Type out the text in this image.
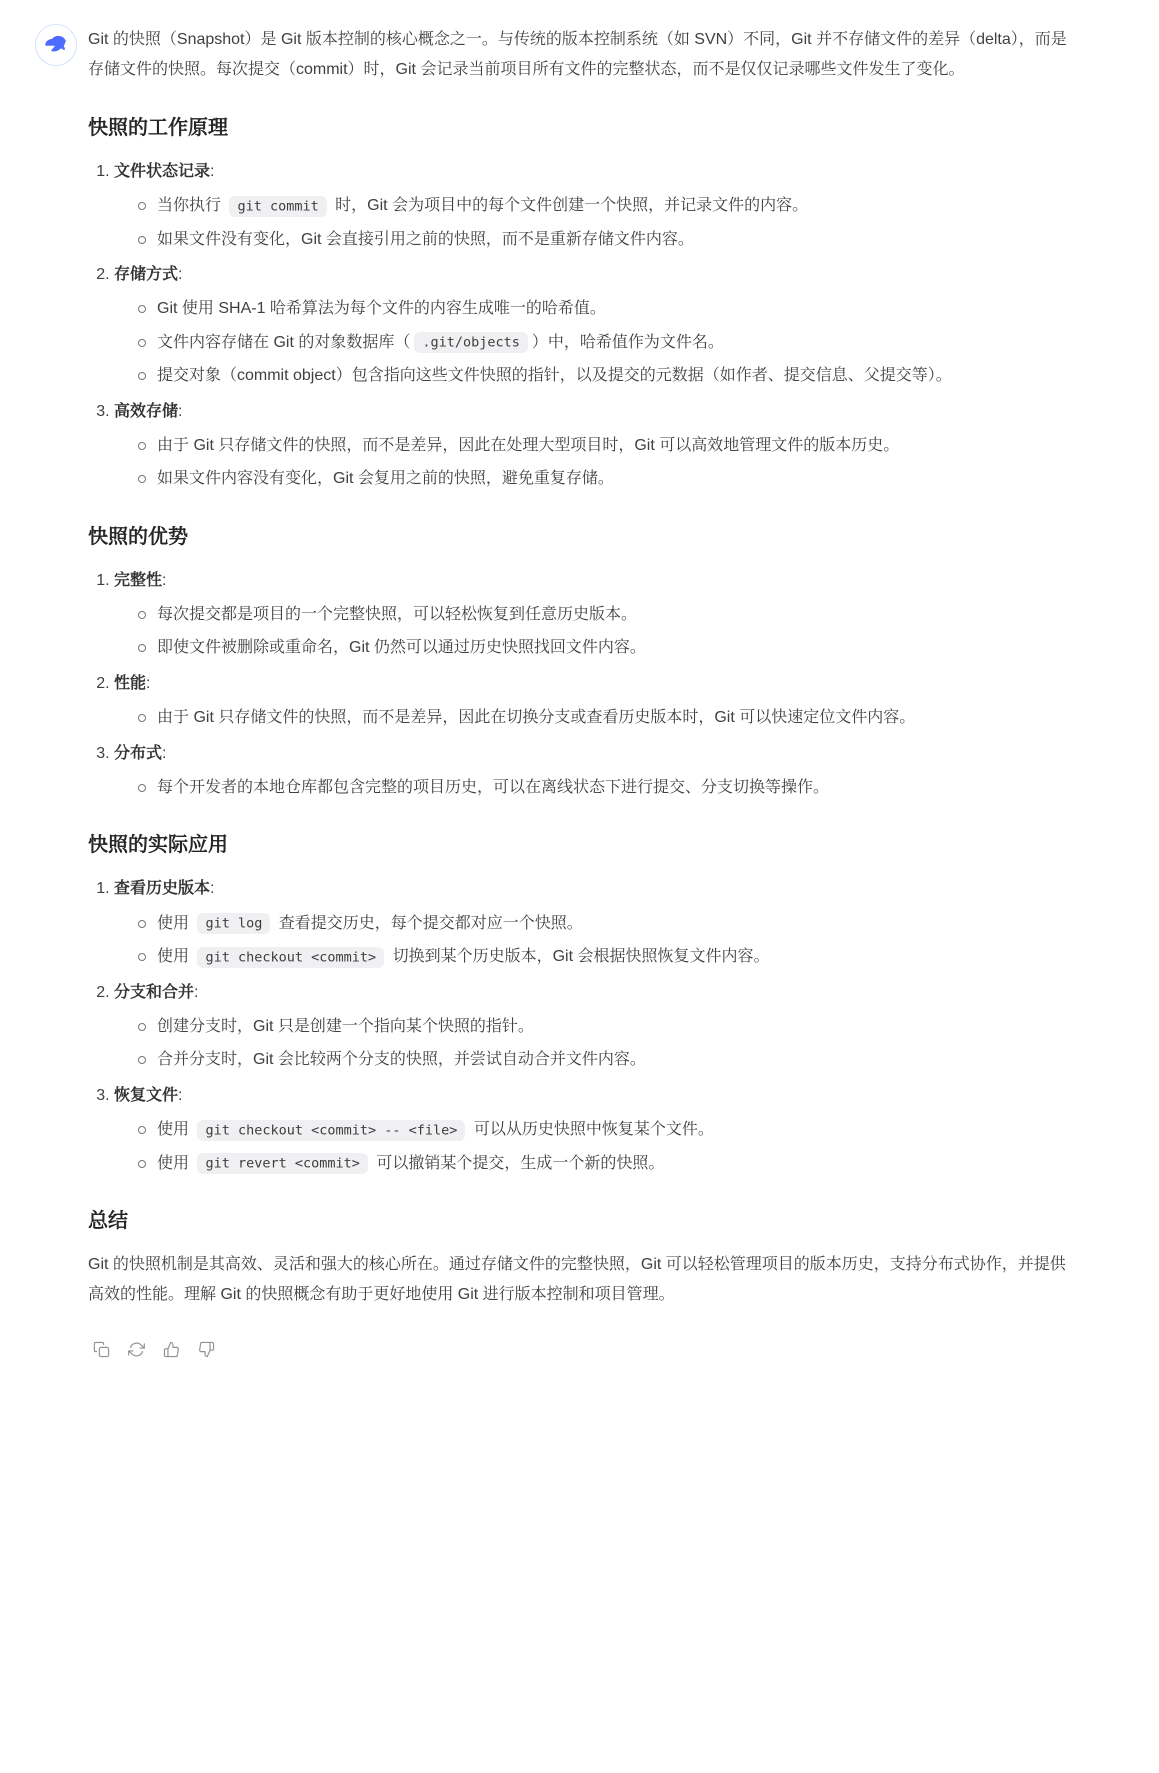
Git 的快照（Snapshot）是 Git 版本控制的核心概念之一。与传统的版本控制系统（如 SVN）不同，Git 并不存储文件的差异（delta），而是存储文件的快照。每次提交（commit）时，Git 会记录当前项目所有文件的完整状态，而不是仅仅记录哪些文件发生了变化。

快照的工作原理
1. 文件状态记录:
当你执行 git commit 时，Git 会为项目中的每个文件创建一个快照，并记录文件的内容。
如果文件没有变化，Git 会直接引用之前的快照，而不是重新存储文件内容。
2. 存储方式:
Git 使用 SHA-1 哈希算法为每个文件的内容生成唯一的哈希值。
文件内容存储在 Git 的对象数据库（ .git/objects ）中，哈希值作为文件名。
提交对象（commit object）包含指向这些文件快照的指针，以及提交的元数据（如作者、提交信息、父提交等）。
3. 高效存储:
由于 Git 只存储文件的快照，而不是差异，因此在处理大型项目时，Git 可以高效地管理文件的版本历史。
如果文件内容没有变化，Git 会复用之前的快照，避免重复存储。
快照的优势
1. 完整性:
每次提交都是项目的一个完整快照，可以轻松恢复到任意历史版本。
即使文件被删除或重命名，Git 仍然可以通过历史快照找回文件内容。
2. 性能:
由于 Git 只存储文件的快照，而不是差异，因此在切换分支或查看历史版本时，Git 可以快速定位文件内容。
3. 分布式:
每个开发者的本地仓库都包含完整的项目历史，可以在离线状态下进行提交、分支切换等操作。
快照的实际应用
1. 查看历史版本:
使用 git log 查看提交历史，每个提交都对应一个快照。
使用 git checkout <commit> 切换到某个历史版本，Git 会根据快照恢复文件内容。
2. 分支和合并:
创建分支时，Git 只是创建一个指向某个快照的指针。
合并分支时，Git 会比较两个分支的快照，并尝试自动合并文件内容。
3. 恢复文件:
使用 git checkout <commit> -- <file> 可以从历史快照中恢复某个文件。
使用 git revert <commit> 可以撤销某个提交，生成一个新的快照。
总结

Git 的快照机制是其高效、灵活和强大的核心所在。通过存储文件的完整快照，Git 可以轻松管理项目的版本历史，支持分布式协作，并提供高效的性能。理解 Git 的快照概念有助于更好地使用 Git 进行版本控制和项目管理。
